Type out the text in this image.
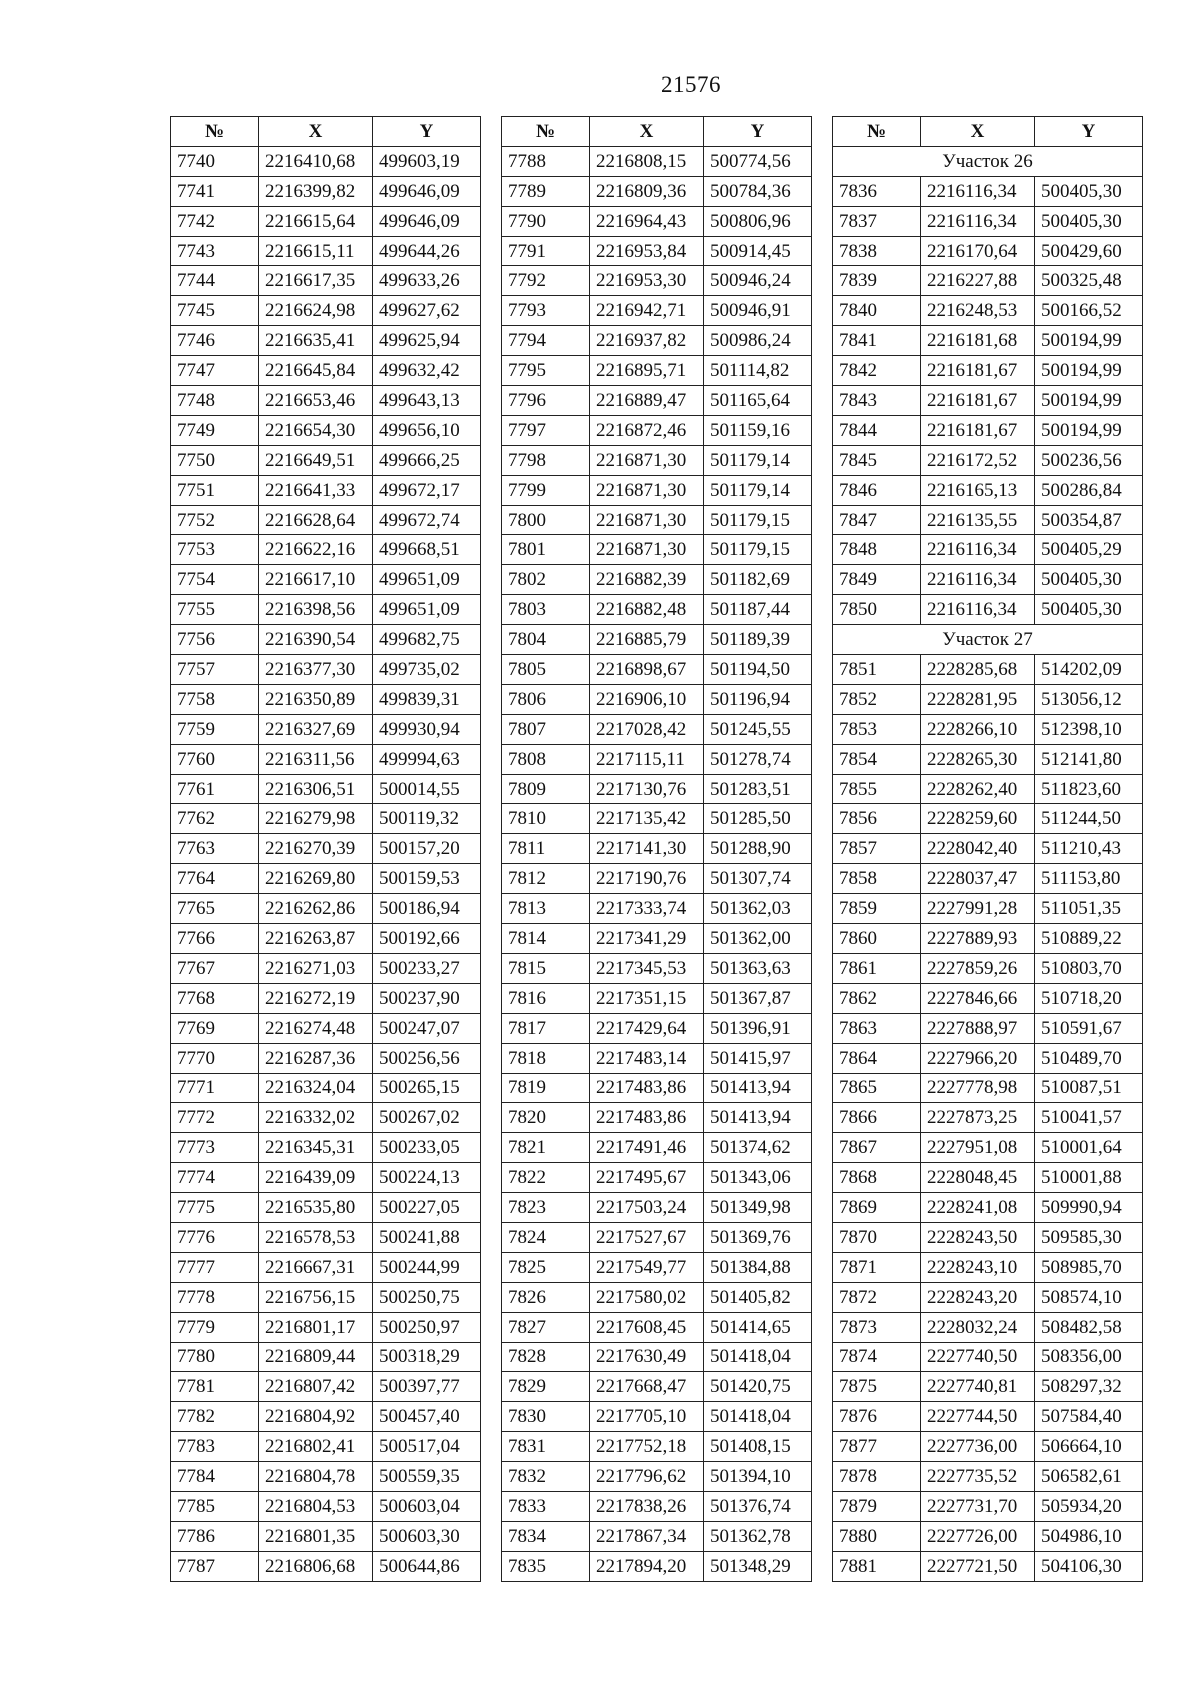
21576
№	X	Y
7740	2216410,68	499603,19
7741	2216399,82	499646,09
7742	2216615,64	499646,09
7743	2216615,11	499644,26
7744	2216617,35	499633,26
7745	2216624,98	499627,62
7746	2216635,41	499625,94
7747	2216645,84	499632,42
7748	2216653,46	499643,13
7749	2216654,30	499656,10
7750	2216649,51	499666,25
7751	2216641,33	499672,17
7752	2216628,64	499672,74
7753	2216622,16	499668,51
7754	2216617,10	499651,09
7755	2216398,56	499651,09
7756	2216390,54	499682,75
7757	2216377,30	499735,02
7758	2216350,89	499839,31
7759	2216327,69	499930,94
7760	2216311,56	499994,63
7761	2216306,51	500014,55
7762	2216279,98	500119,32
7763	2216270,39	500157,20
7764	2216269,80	500159,53
7765	2216262,86	500186,94
7766	2216263,87	500192,66
7767	2216271,03	500233,27
7768	2216272,19	500237,90
7769	2216274,48	500247,07
7770	2216287,36	500256,56
7771	2216324,04	500265,15
7772	2216332,02	500267,02
7773	2216345,31	500233,05
7774	2216439,09	500224,13
7775	2216535,80	500227,05
7776	2216578,53	500241,88
7777	2216667,31	500244,99
7778	2216756,15	500250,75
7779	2216801,17	500250,97
7780	2216809,44	500318,29
7781	2216807,42	500397,77
7782	2216804,92	500457,40
7783	2216802,41	500517,04
7784	2216804,78	500559,35
7785	2216804,53	500603,04
7786	2216801,35	500603,30
7787	2216806,68	500644,86
№	X	Y
7788	2216808,15	500774,56
7789	2216809,36	500784,36
7790	2216964,43	500806,96
7791	2216953,84	500914,45
7792	2216953,30	500946,24
7793	2216942,71	500946,91
7794	2216937,82	500986,24
7795	2216895,71	501114,82
7796	2216889,47	501165,64
7797	2216872,46	501159,16
7798	2216871,30	501179,14
7799	2216871,30	501179,14
7800	2216871,30	501179,15
7801	2216871,30	501179,15
7802	2216882,39	501182,69
7803	2216882,48	501187,44
7804	2216885,79	501189,39
7805	2216898,67	501194,50
7806	2216906,10	501196,94
7807	2217028,42	501245,55
7808	2217115,11	501278,74
7809	2217130,76	501283,51
7810	2217135,42	501285,50
7811	2217141,30	501288,90
7812	2217190,76	501307,74
7813	2217333,74	501362,03
7814	2217341,29	501362,00
7815	2217345,53	501363,63
7816	2217351,15	501367,87
7817	2217429,64	501396,91
7818	2217483,14	501415,97
7819	2217483,86	501413,94
7820	2217483,86	501413,94
7821	2217491,46	501374,62
7822	2217495,67	501343,06
7823	2217503,24	501349,98
7824	2217527,67	501369,76
7825	2217549,77	501384,88
7826	2217580,02	501405,82
7827	2217608,45	501414,65
7828	2217630,49	501418,04
7829	2217668,47	501420,75
7830	2217705,10	501418,04
7831	2217752,18	501408,15
7832	2217796,62	501394,10
7833	2217838,26	501376,74
7834	2217867,34	501362,78
7835	2217894,20	501348,29
№	X	Y
Участок 26		
7836	2216116,34	500405,30
7837	2216116,34	500405,30
7838	2216170,64	500429,60
7839	2216227,88	500325,48
7840	2216248,53	500166,52
7841	2216181,68	500194,99
7842	2216181,67	500194,99
7843	2216181,67	500194,99
7844	2216181,67	500194,99
7845	2216172,52	500236,56
7846	2216165,13	500286,84
7847	2216135,55	500354,87
7848	2216116,34	500405,29
7849	2216116,34	500405,30
7850	2216116,34	500405,30
Участок 27		
7851	2228285,68	514202,09
7852	2228281,95	513056,12
7853	2228266,10	512398,10
7854	2228265,30	512141,80
7855	2228262,40	511823,60
7856	2228259,60	511244,50
7857	2228042,40	511210,43
7858	2228037,47	511153,80
7859	2227991,28	511051,35
7860	2227889,93	510889,22
7861	2227859,26	510803,70
7862	2227846,66	510718,20
7863	2227888,97	510591,67
7864	2227966,20	510489,70
7865	2227778,98	510087,51
7866	2227873,25	510041,57
7867	2227951,08	510001,64
7868	2228048,45	510001,88
7869	2228241,08	509990,94
7870	2228243,50	509585,30
7871	2228243,10	508985,70
7872	2228243,20	508574,10
7873	2228032,24	508482,58
7874	2227740,50	508356,00
7875	2227740,81	508297,32
7876	2227744,50	507584,40
7877	2227736,00	506664,10
7878	2227735,52	506582,61
7879	2227731,70	505934,20
7880	2227726,00	504986,10
7881	2227721,50	504106,30
